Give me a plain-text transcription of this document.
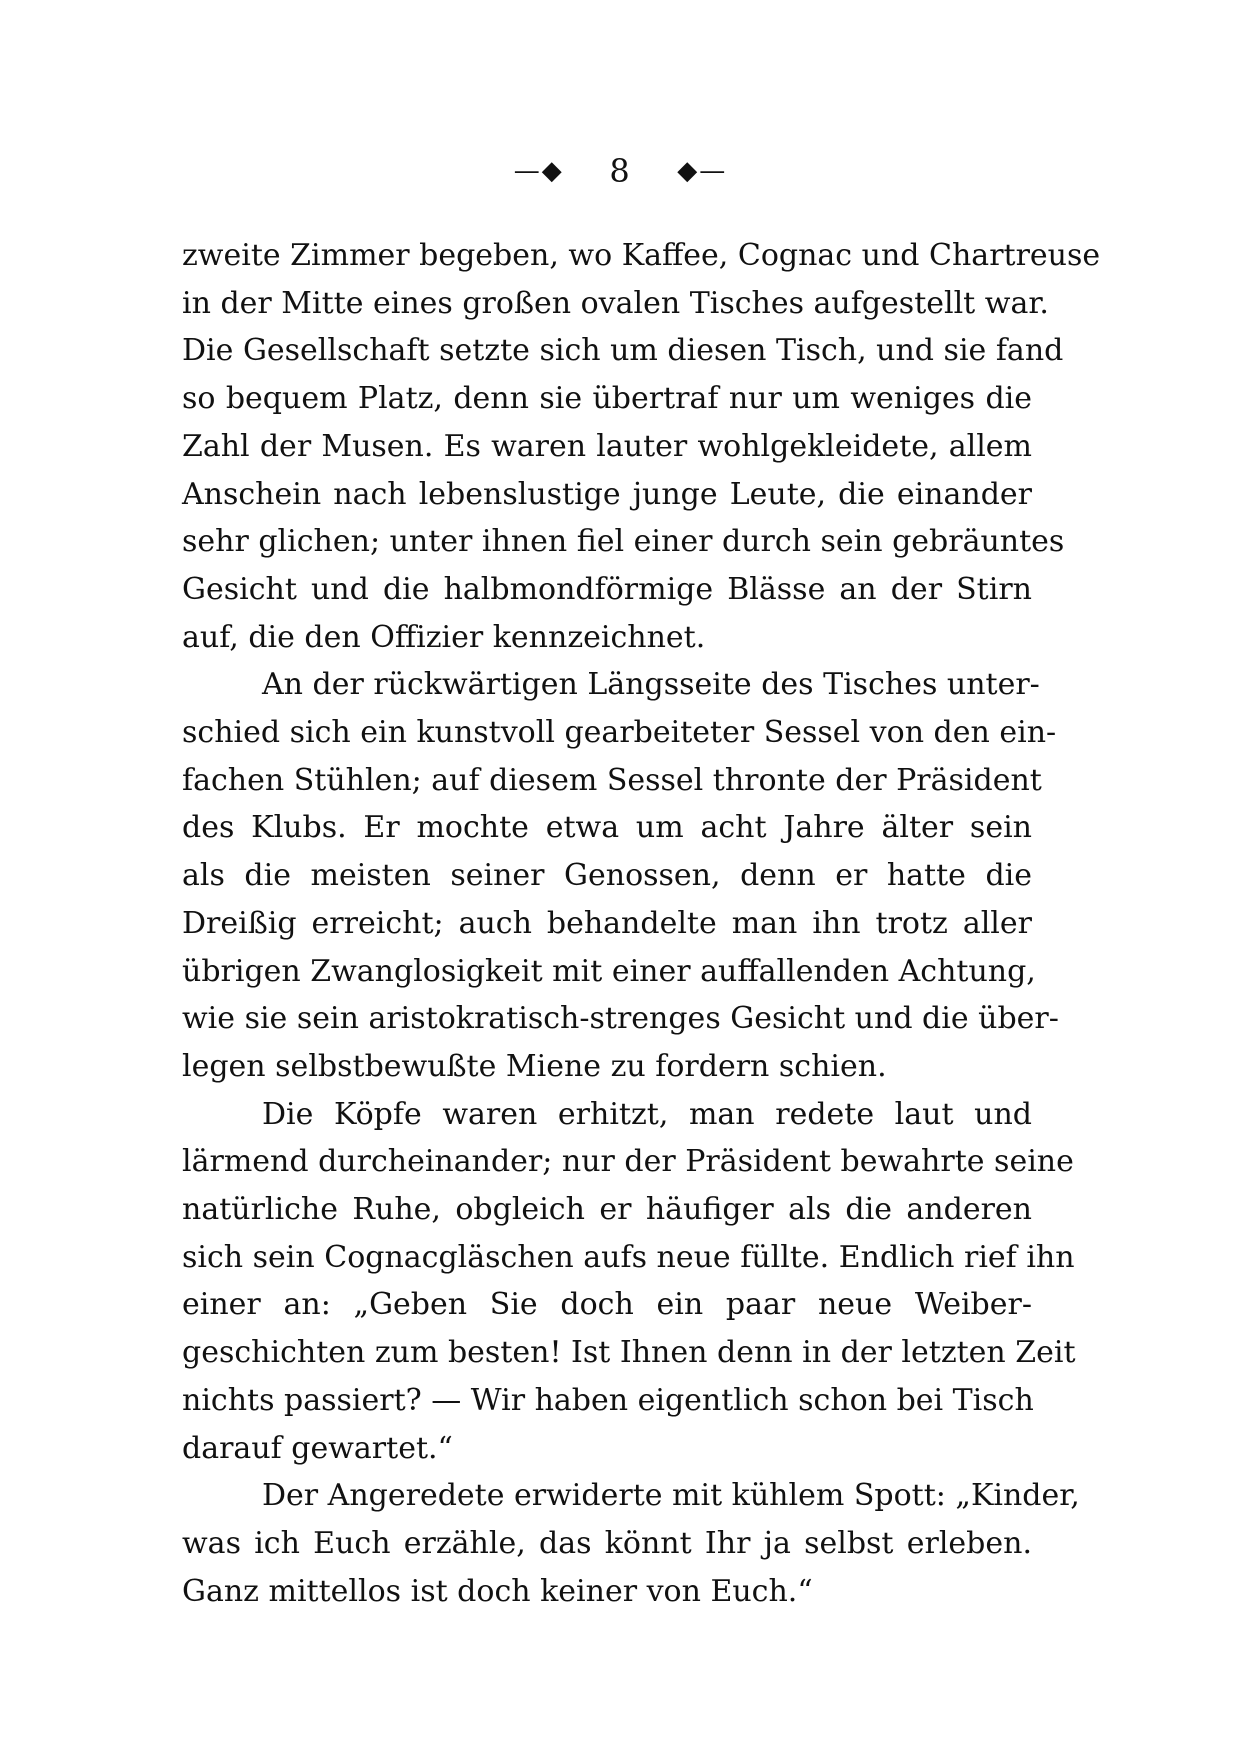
—◆ 8 ◆—
zweite Zimmer begeben, wo Kaffee, Cognac und Chartreuse
in der Mitte eines großen ovalen Tisches aufgestellt war.
Die Gesellschaft setzte sich um diesen Tisch, und sie fand
so bequem Platz, denn sie übertraf nur um weniges die
Zahl der Musen. Es waren lauter wohlgekleidete, allem
Anschein nach lebenslustige junge Leute, die einander
sehr glichen; unter ihnen fiel einer durch sein gebräuntes
Gesicht und die halbmondförmige Blässe an der Stirn
auf, die den Offizier kennzeichnet.
An der rückwärtigen Längsseite des Tisches unter-
schied sich ein kunstvoll gearbeiteter Sessel von den ein-
fachen Stühlen; auf diesem Sessel thronte der Präsident
des Klubs. Er mochte etwa um acht Jahre älter sein
als die meisten seiner Genossen, denn er hatte die
Dreißig erreicht; auch behandelte man ihn trotz aller
übrigen Zwanglosigkeit mit einer auffallenden Achtung,
wie sie sein aristokratisch-strenges Gesicht und die über-
legen selbstbewußte Miene zu fordern schien.
Die Köpfe waren erhitzt, man redete laut und
lärmend durcheinander; nur der Präsident bewahrte seine
natürliche Ruhe, obgleich er häufiger als die anderen
sich sein Cognacgläschen aufs neue füllte. Endlich rief ihn
einer an: „Geben Sie doch ein paar neue Weiber-
geschichten zum besten! Ist Ihnen denn in der letzten Zeit
nichts passiert? — Wir haben eigentlich schon bei Tisch
darauf gewartet.“
Der Angeredete erwiderte mit kühlem Spott: „Kinder,
was ich Euch erzähle, das könnt Ihr ja selbst erleben.
Ganz mittellos ist doch keiner von Euch.“
